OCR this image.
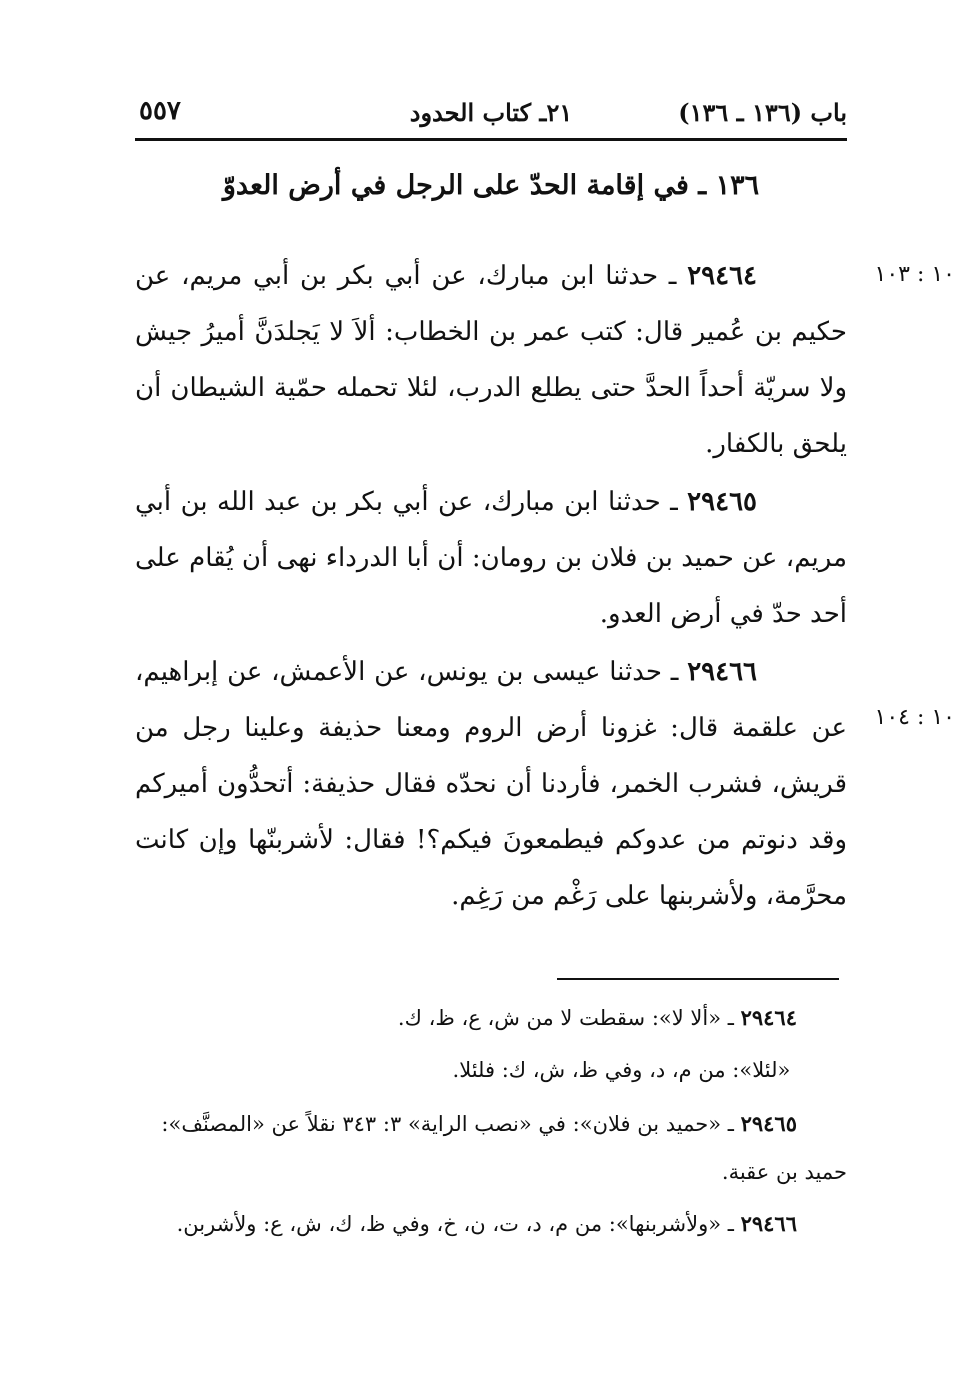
باب (١٣٦ ـ ١٣٦)
٢١ـ كتاب الحدود
٥٥٧
١٣٦ ـ في إقامة الحدّ على الرجل في أرض العدوّ
١٠ : ١٠٣
١٠ : ١٠٤

٢٩٤٦٤ ـ حدثنا ابن مبارك، عن أبي بكر بن أبي مريم، عن حكيم بن عُمير قال: كتب عمر بن الخطاب: ألاَ لا يَجلدَنَّ أميرُ جيش ولا سريّة أحداً الحدَّ حتى يطلع الدرب، لئلا تحمله حمّية الشيطان أن يلحق بالكفار.

٢٩٤٦٥ ـ حدثنا ابن مبارك، عن أبي بكر بن عبد الله بن أبي مريم، عن حميد بن فلان بن رومان: أن أبا الدرداء نهى أن يُقام على أحد حدّ في أرض العدو.

٢٩٤٦٦ ـ حدثنا عيسى بن يونس، عن الأعمش، عن إبراهيم، عن علقمة قال: غزونا أرض الروم ومعنا حذيفة وعلينا رجل من قريش، فشرب الخمر، فأردنا أن نحدّه فقال حذيفة: أتحدُّون أميركم وقد دنوتم من عدوكم فيطمعونَ فيكم؟! فقال: لأشربنّها وإن كانت محرَّمة، ولأشربنها على رَغْم من رَغِم.

٢٩٤٦٤ ـ «ألا لا»: سقطت لا من ش، ع، ظ، ك.

«لئلا»: من م، د، وفي ظ، ش، ك: فلئلا.

٢٩٤٦٥ ـ «حميد بن فلان»: في «نصب الراية» ٣: ٣٤٣ نقلاً عن «المصنَّف»: حميد بن عقبة.

٢٩٤٦٦ ـ «ولأشربنها»: من م، د، ت، ن، خ، وفي ظ، ك، ش، ع: ولأشربن.
